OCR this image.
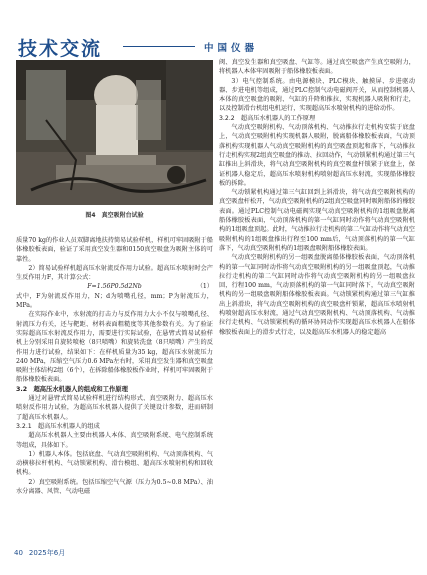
技术交流	中国仪器
图4　真空吸附台试验

质量70 kg的作业人员双脚离地扶持简易试验样机，样机可牢固吸附于船体橡胶板表面，验证了采用真空发生器和0150真空吸盘为吸附主体的可靠性。

2）简易试验样机超高压水射流反作用力试验。超高压水喷射时会产生反作用力F，其计算公式：

F=1.56P0.5d2Nb	（1）

式中，F为射流反作用力，N；d为喷嘴孔径，mm；P为射流压力，MPa。

在实际作业中，水射流的打击力与反作用力大小不仅与喷嘴孔径、射流压力有关，还与靶距、材料表面粗糙度等其他参数有关。为了验证实际超高压水射流反作用力，需要进行实际试验，在悬臂式简易试验样机上分别采用自旋转喷枪（8只喷嘴）和旋转洗盘（8只喷嘴）产生的反作用力进行试验，结果如下：在样机质量为35 kg，超高压水射流压力240 MPa，压缩空气压力0.6 MPa左右时，采用真空发生器和真空吸盘吸附主体结构2组（6个），在拆除船体橡胶板作业时，样机可牢固吸附于船体橡胶板表面。

3.2　超高压水机器人的组成和工作原理

通过对悬臂式简易试验样机进行结构形式、真空吸附力、超高压水喷射反作用力试验，为超高压水机器人提供了关键设计参数，进而研制了超高压水机器人。

3.2.1　超高压水机器人的组成

超高压水机器人主要由机器人本体、真空吸附系统、电气控制系统等组成，具体如下。

1）机器人本体。包括底盘、气动真空吸附机构、气动顶落机构、气动横移拉杆机构、气动锁紧机构、滑台模组、超高压水喷射机构和回收机构。

2）真空吸附系统。包括压缩空气气源（压力为0.5~0.8 MPa）、油水分离器、风管、气动电磁

阀、真空发生器和真空吸盘、气缸等。通过真空吸盘产生真空吸附力，将机器人本体牢固吸附于船体橡胶板表面。

3）电气控制系统。由电源模块、PLC模块、触摸屏、步进驱动器、步进电机等组成，通过PLC控制气动电磁阀开关，从而控制机器人本体的真空吸盘的吸附、气缸的升降和推拉，实现机器人吸附和行走，以及控制滑台机组电机运行，实现超高压水喷射机构的进给动作。

3.2.2　超高压水机器人的工作原理

气动真空吸附机构、气动顶落机构、气动推拉行走机构安装于底盘上，气动真空吸附机构实现机器人吸附，脱离船体橡胶板表面，气动顶落机构实现机器人气动真空吸附机构的真空吸盘顶起和落下，气动推拉行走机构实现2组真空吸盘的推动、拉回动作，气动锁紧机构通过第三气缸推出上斜滑块，将气动真空吸附机构的真空吸盘杆锁紧于底盘上，保证机器人稳定后，超高压水喷射机构喷射超高压水射流，实现船体橡胶板的拆除。

气动锁紧机构通过第三气缸回到上斜滑块，将气动真空吸附机构的真空吸盘杆松开，气动真空吸附机构的2组真空吸盘同时吸附船体的橡胶表面。通过PLC控制气动电磁阀实现气动真空吸附机构的1组吸盘脱离船体橡胶板表面，气动顶落机构的第一气缸同时动作将气动真空吸附机构的1组吸盘顶起。此时，气动推拉行走机构的第二气缸动作将气动真空吸附机构的1组吸盘推出行程至100 mm后，气动顶落机构的第一气缸落下，气动真空吸附机构的1组吸盘吸附船体橡胶表面。

气动真空吸附机构的另一组吸盘脱离船体橡胶板表面，气动顶落机构的第一气缸同时动作将气动真空吸附机构的另一组吸盘顶起，气动推拉行走机构的第二气缸同时动作将气动真空吸附机构的另一组吸盘拉回，行程100 mm，气动顶落机构的第一气缸同时落下，气动真空吸附机构的另一组吸盘吸附船体橡胶板表面。气动锁紧机构通过第三气缸推出上斜滑块，将气动真空吸附机构的真空吸盘杆锁紧，超高压水喷射机构喷射超高压水射流，通过气动真空吸附机构、气动顶落机构、气动推拉行走机构、气动锁紧机构的循环协同动作实现超高压水机器人在船体橡胶板表面上的滑步式行走，以及超高压水机器人的稳定超高

40 2025年6月
